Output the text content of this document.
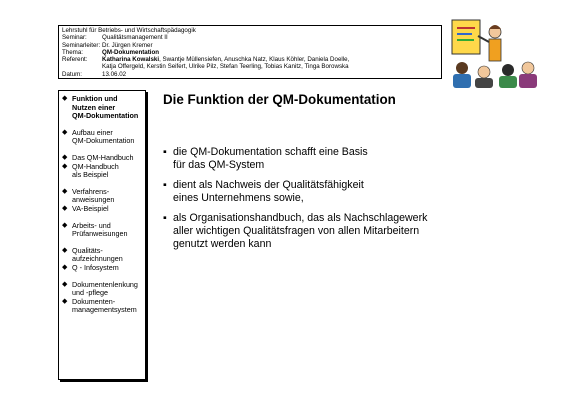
Lehrstuhl für Betriebs- und Wirtschaftspädagogik
Seminar:	Qualitätsmanagement II
Seminarleiter: Dr. Jürgen Kremer
Thema:	QM-Dokumentation
Referent:	Katharina Kowalski, Swantje Müllensiefen, Anuschka Natz, Klaus Köhler, Daniela Doelle,
Katja Offergeld, Kerstin Seifert, Ulrike Pilz, Stefan Teerling, Tobias Kanitz, Tinga Borowska
Datum:	13.06.02
◆ Funktion und
Nutzen einer
QM-Dokumentation
◆ Aufbau einer
QM-Dokumentation
◆ Das QM-Handbuch
◆ QM-Handbuch
als Beispiel
◆ Verfahrens-
anweisungen
◆ VA-Beispiel
◆ Arbeits- und
Prüfanweisungen
◆ Qualitäts-
aufzeichnungen
◆ Q - Infosystem
◆ Dokumentenlenkung
und -pflege
◆ Dokumenten-
managementsystem
Die Funktion der QM-Dokumentation
▪ die QM-Dokumentation schafft eine Basis
für das QM-System
▪ dient als Nachweis der Qualitätsfähigkeit
eines Unternehmens sowie,
▪ als Organisationshandbuch, das als Nachschlagewerk
aller wichtigen Qualitätsfragen von allen Mitarbeitern
genutzt werden kann
